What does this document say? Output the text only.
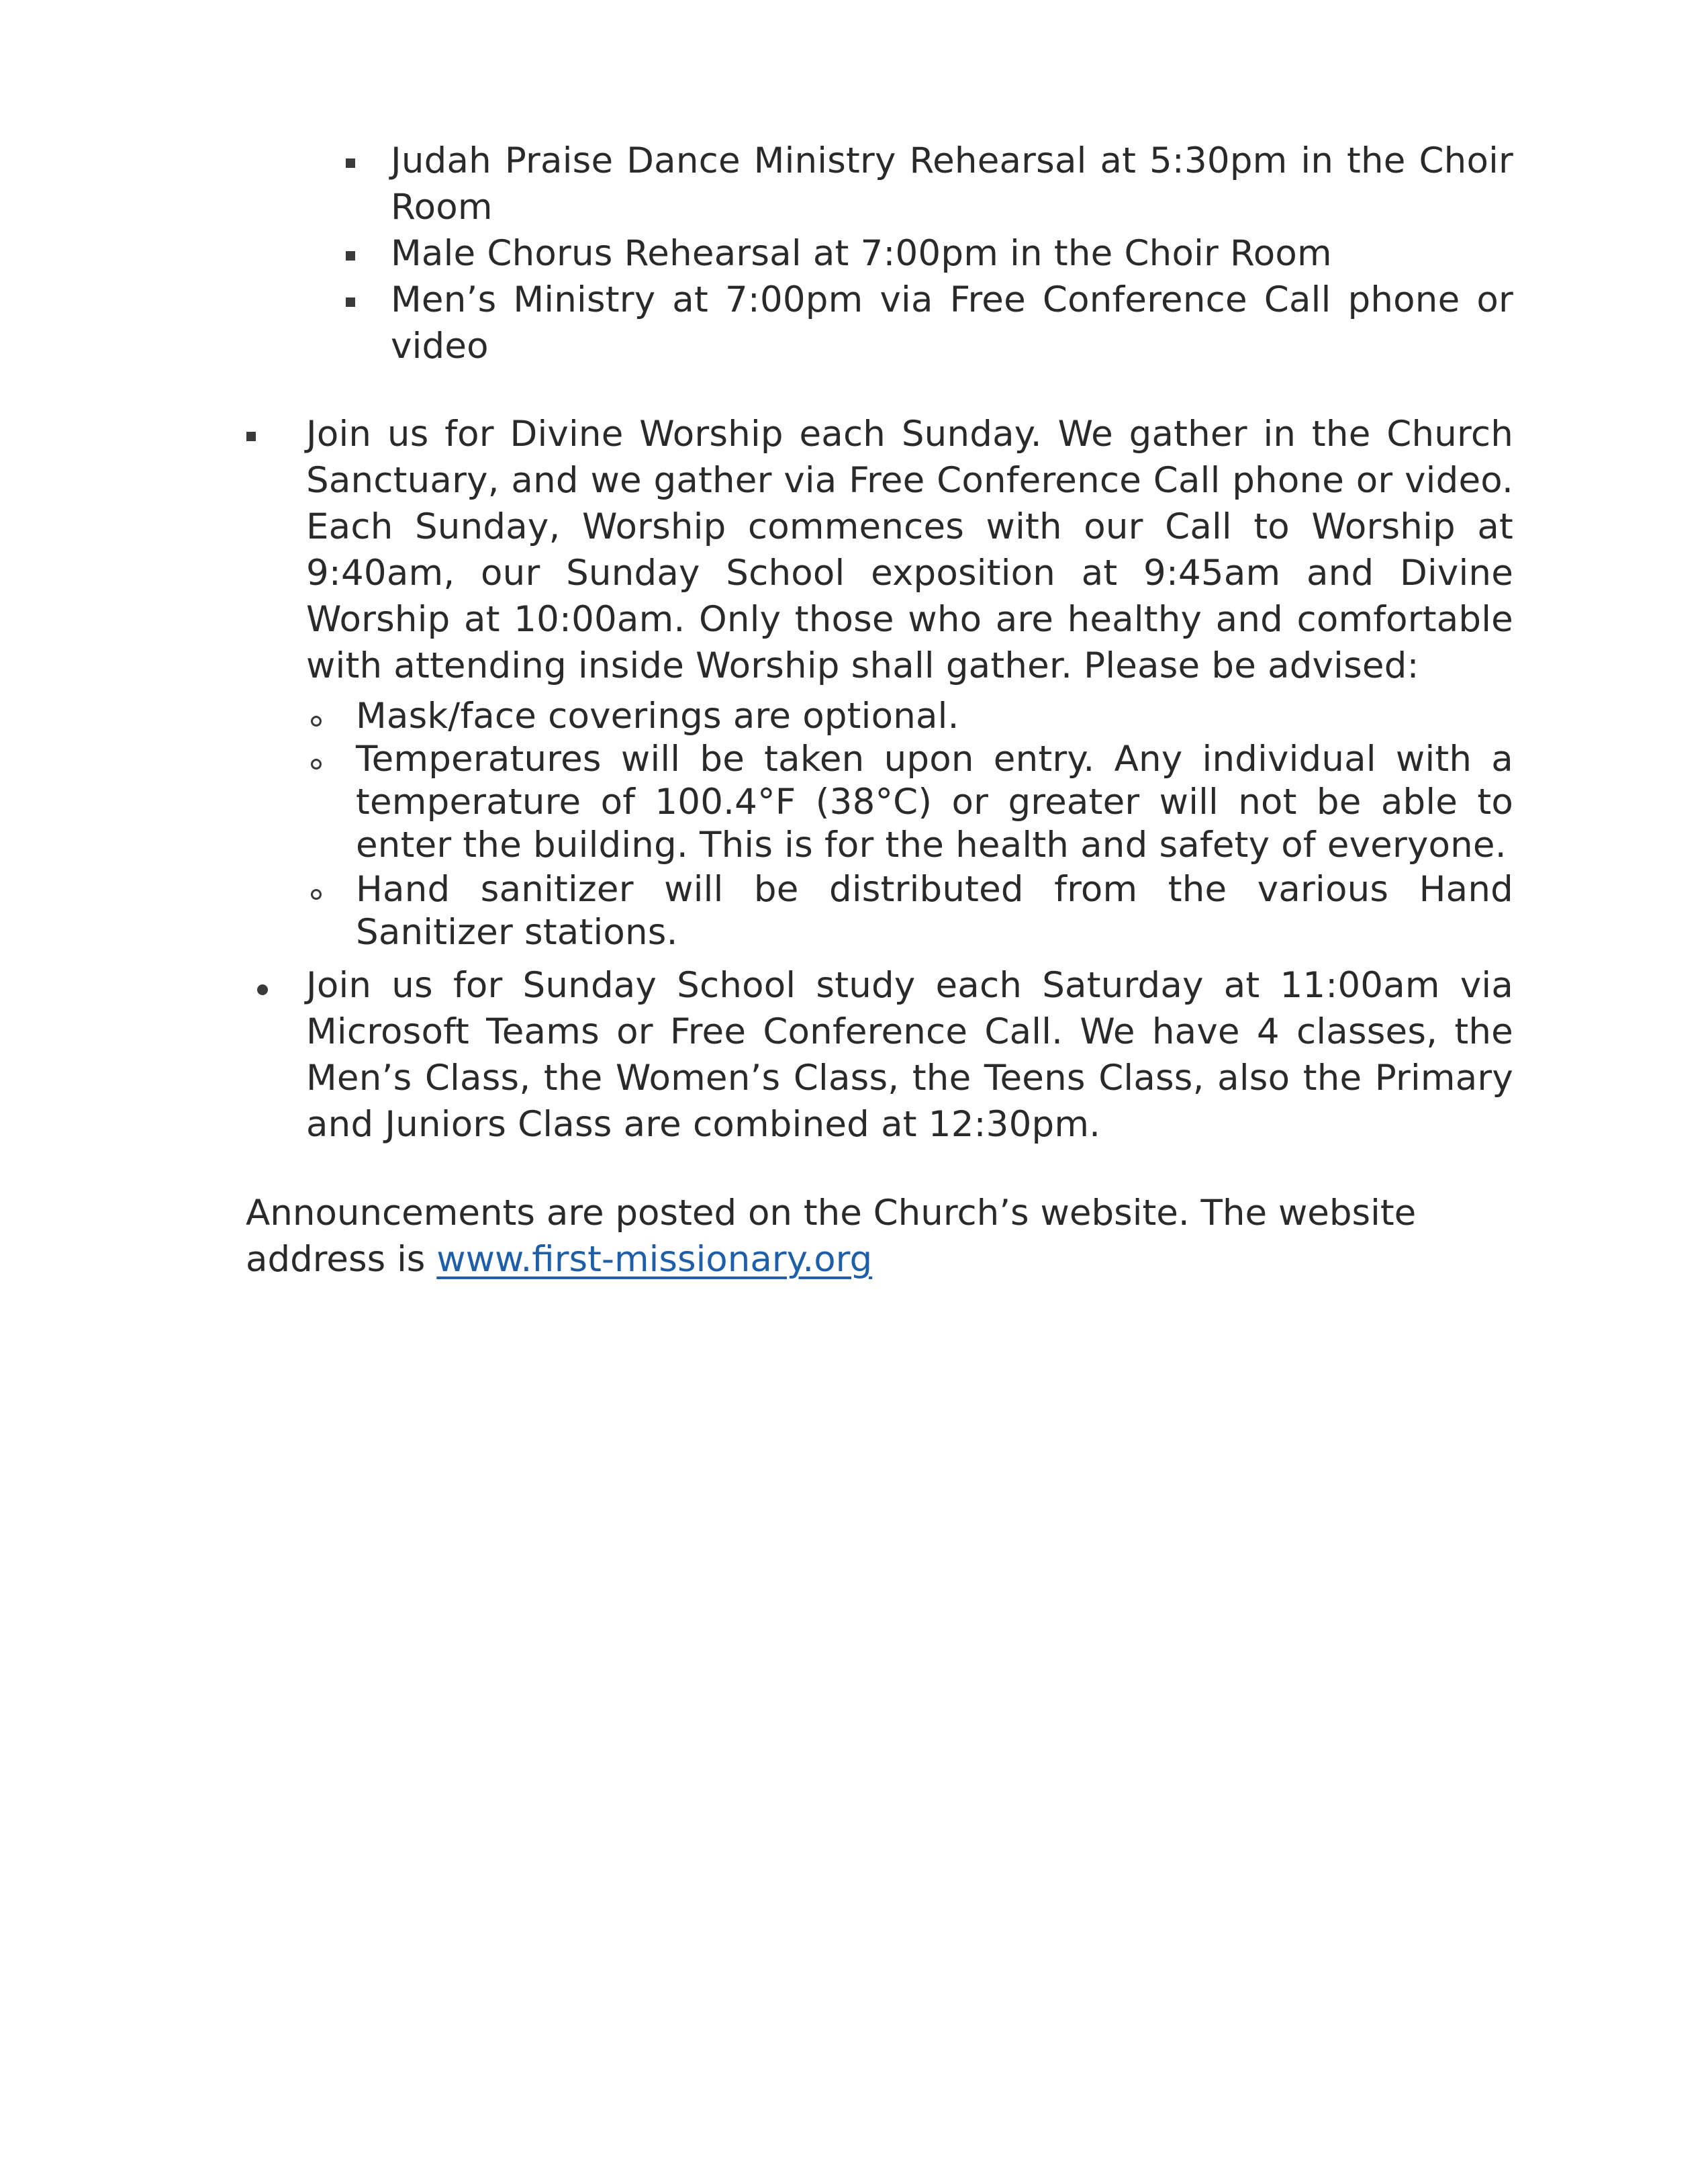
Judah Praise Dance Ministry Rehearsal at 5:30pm in the Choir Room
Male Chorus Rehearsal at 7:00pm in the Choir Room
Men’s Ministry at 7:00pm via Free Conference Call phone or video
Join us for Divine Worship each Sunday. We gather in the Church Sanctuary, and we gather via Free Conference Call phone or video. Each Sunday, Worship commences with our Call to Worship at 9:40am, our Sunday School exposition at 9:45am and Divine Worship at 10:00am. Only those who are healthy and comfortable with attending inside Worship shall gather. Please be advised:
Mask/face coverings are optional.
Temperatures will be taken upon entry. Any individual with a temperature of 100.4°F (38°C) or greater will not be able to enter the building. This is for the health and safety of everyone.
Hand sanitizer will be distributed from the various Hand Sanitizer stations.
Join us for Sunday School study each Saturday at 11:00am via Microsoft Teams or Free Conference Call. We have 4 classes, the Men’s Class, the Women’s Class, the Teens Class, also the Primary and Juniors Class are combined at 12:30pm.
Announcements are posted on the Church’s website. The website address is www.first-missionary.org
